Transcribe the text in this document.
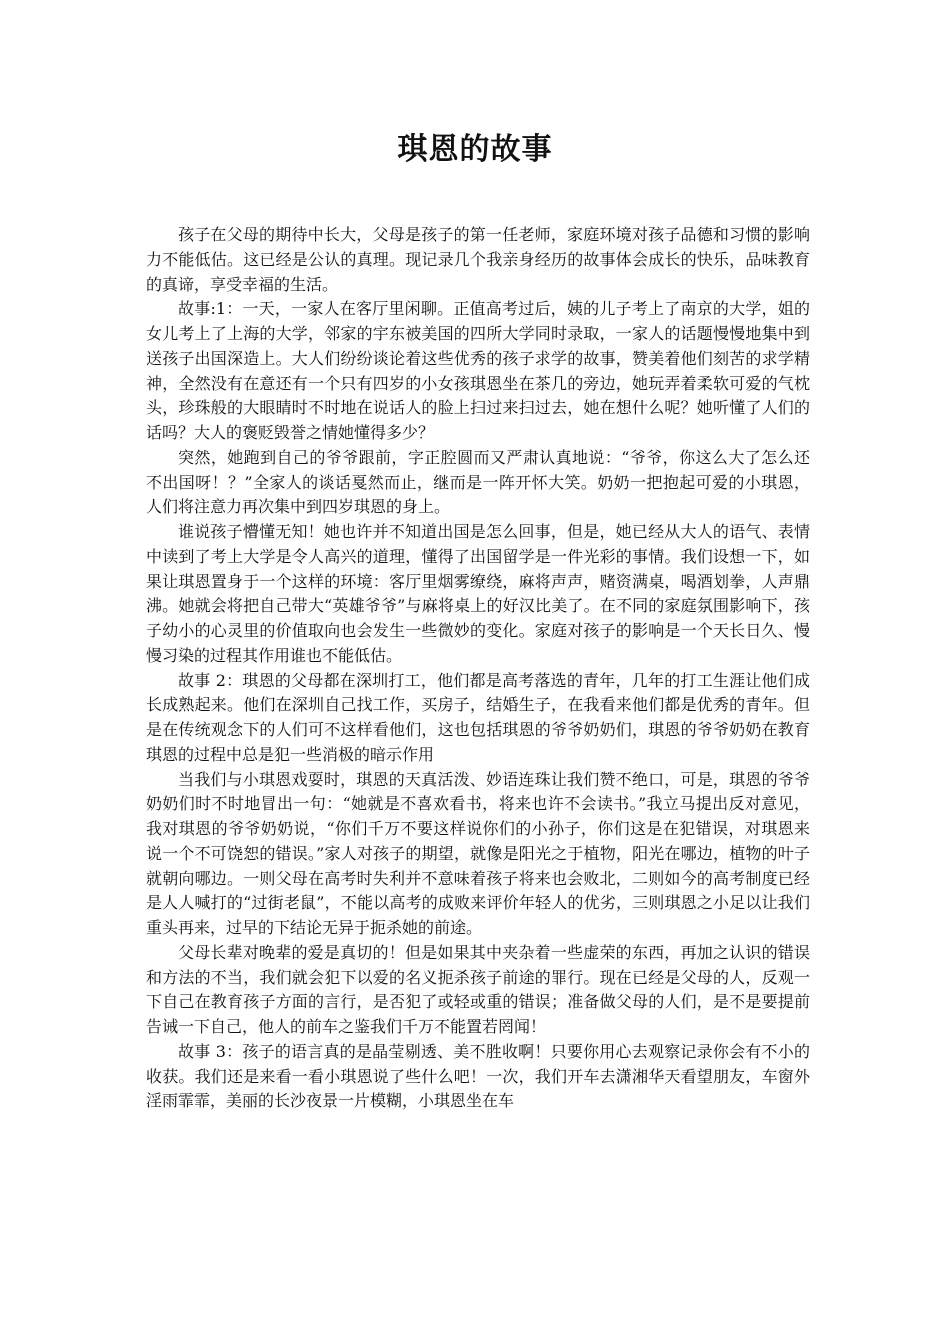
琪恩的故事

孩子在父母的期待中长大，父母是孩子的第一任老师，家庭环境对孩子品德和习惯的影响力不能低估。这已经是公认的真理。现记录几个我亲身经历的故事体会成长的快乐，品味教育的真谛，享受幸福的生活。

故事:1：一天，一家人在客厅里闲聊。正值高考过后，姨的儿子考上了南京的大学，姐的女儿考上了上海的大学，邻家的宇东被美国的四所大学同时录取，一家人的话题慢慢地集中到送孩子出国深造上。大人们纷纷谈论着这些优秀的孩子求学的故事，赞美着他们刻苦的求学精神，全然没有在意还有一个只有四岁的小女孩琪恩坐在茶几的旁边，她玩弄着柔软可爱的气枕头，珍珠般的大眼睛时不时地在说话人的脸上扫过来扫过去，她在想什么呢？她听懂了人们的话吗？大人的褒贬毁誉之情她懂得多少？

突然，她跑到自己的爷爷跟前，字正腔圆而又严肃认真地说：“爷爷，你这么大了怎么还不出国呀！？”全家人的谈话戛然而止，继而是一阵开怀大笑。奶奶一把抱起可爱的小琪恩，人们将注意力再次集中到四岁琪恩的身上。

谁说孩子懵懂无知！她也许并不知道出国是怎么回事，但是，她已经从大人的语气、表情中读到了考上大学是令人高兴的道理，懂得了出国留学是一件光彩的事情。我们设想一下，如果让琪恩置身于一个这样的环境：客厅里烟雾缭绕，麻将声声，赌资满桌，喝酒划拳，人声鼎沸。她就会将把自己带大“英雄爷爷”与麻将桌上的好汉比美了。在不同的家庭氛围影响下，孩子幼小的心灵里的价值取向也会发生一些微妙的变化。家庭对孩子的影响是一个天长日久、慢慢习染的过程其作用谁也不能低估。

故事 2：琪恩的父母都在深圳打工，他们都是高考落选的青年，几年的打工生涯让他们成长成熟起来。他们在深圳自己找工作，买房子，结婚生子，在我看来他们都是优秀的青年。但是在传统观念下的人们可不这样看他们，这也包括琪恩的爷爷奶奶们，琪恩的爷爷奶奶在教育琪恩的过程中总是犯一些消极的暗示作用

当我们与小琪恩戏耍时，琪恩的天真活泼、妙语连珠让我们赞不绝口，可是，琪恩的爷爷奶奶们时不时地冒出一句：“她就是不喜欢看书，将来也许不会读书。”我立马提出反对意见，我对琪恩的爷爷奶奶说，“你们千万不要这样说你们的小孙子，你们这是在犯错误，对琪恩来说一个不可饶恕的错误。”家人对孩子的期望，就像是阳光之于植物，阳光在哪边，植物的叶子就朝向哪边。一则父母在高考时失利并不意味着孩子将来也会败北，二则如今的高考制度已经是人人喊打的“过街老鼠”，不能以高考的成败来评价年轻人的优劣，三则琪恩之小足以让我们重头再来，过早的下结论无异于扼杀她的前途。

父母长辈对晚辈的爱是真切的！但是如果其中夹杂着一些虚荣的东西，再加之认识的错误和方法的不当，我们就会犯下以爱的名义扼杀孩子前途的罪行。现在已经是父母的人，反观一下自己在教育孩子方面的言行，是否犯了或轻或重的错误；准备做父母的人们，是不是要提前告诫一下自己，他人的前车之鉴我们千万不能置若罔闻！

故事 3：孩子的语言真的是晶莹剔透、美不胜收啊！只要你用心去观察记录你会有不小的收获。我们还是来看一看小琪恩说了些什么吧！一次，我们开车去潇湘华天看望朋友，车窗外淫雨霏霏，美丽的长沙夜景一片模糊，小琪恩坐在车
